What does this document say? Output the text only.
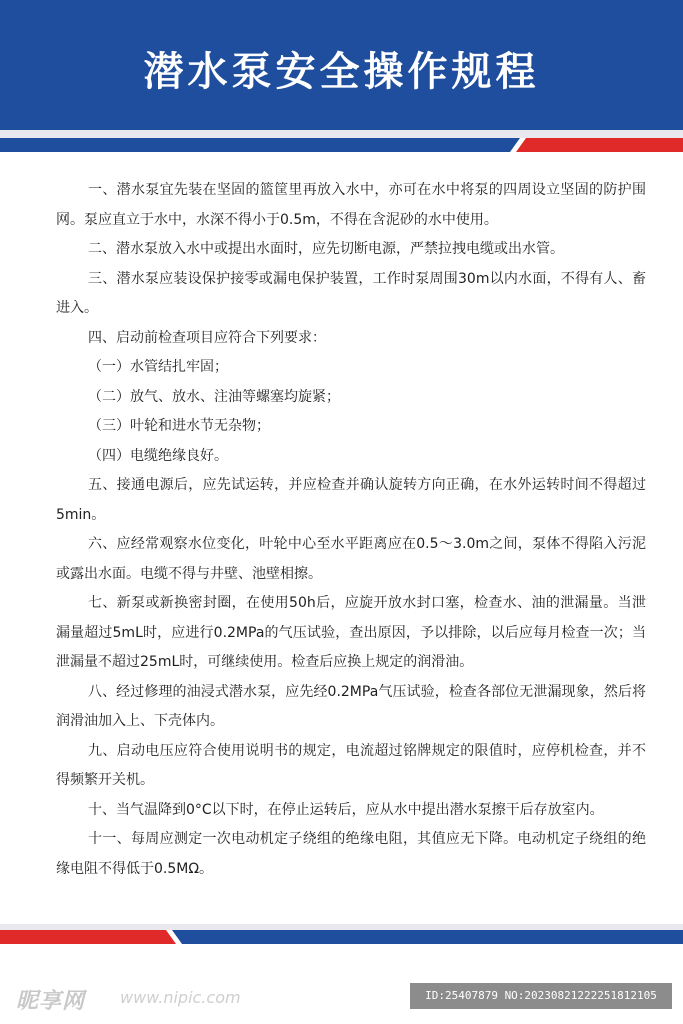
潜水泵安全操作规程

一、潜水泵宜先装在坚固的篮筐里再放入水中，亦可在水中将泵的四周设立坚固的防护围网。泵应直立于水中，水深不得小于0.5m，不得在含泥砂的水中使用。

二、潜水泵放入水中或提出水面时，应先切断电源，严禁拉拽电缆或出水管。

三、潜水泵应装设保护接零或漏电保护装置，工作时泵周围30m以内水面，不得有人、畜进入。

四、启动前检查项目应符合下列要求：

（一）水管结扎牢固；

（二）放气、放水、注油等螺塞均旋紧；

（三）叶轮和进水节无杂物；

（四）电缆绝缘良好。

五、接通电源后，应先试运转，并应检查并确认旋转方向正确，在水外运转时间不得超过5min。

六、应经常观察水位变化，叶轮中心至水平距离应在0.5～3.0m之间，泵体不得陷入污泥或露出水面。电缆不得与井壁、池壁相擦。

七、新泵或新换密封圈，在使用50h后，应旋开放水封口塞，检查水、油的泄漏量。当泄漏量超过5mL时，应进行0.2MPa的气压试验，查出原因，予以排除，以后应每月检查一次；当泄漏量不超过25mL时，可继续使用。检查后应换上规定的润滑油。

八、经过修理的油浸式潜水泵，应先经0.2MPa气压试验，检查各部位无泄漏现象，然后将润滑油加入上、下壳体内。

九、启动电压应符合使用说明书的规定，电流超过铭牌规定的限值时，应停机检查，并不得频繁开关机。

十、当气温降到0°C以下时，在停止运转后，应从水中提出潜水泵擦干后存放室内。

十一、每周应测定一次电动机定子绕组的绝缘电阻，其值应无下降。电动机定子绕组的绝缘电阻不得低于0.5MΩ。

昵享网 www.nipic.com	ID:25407879 NO:20230821222251812105
